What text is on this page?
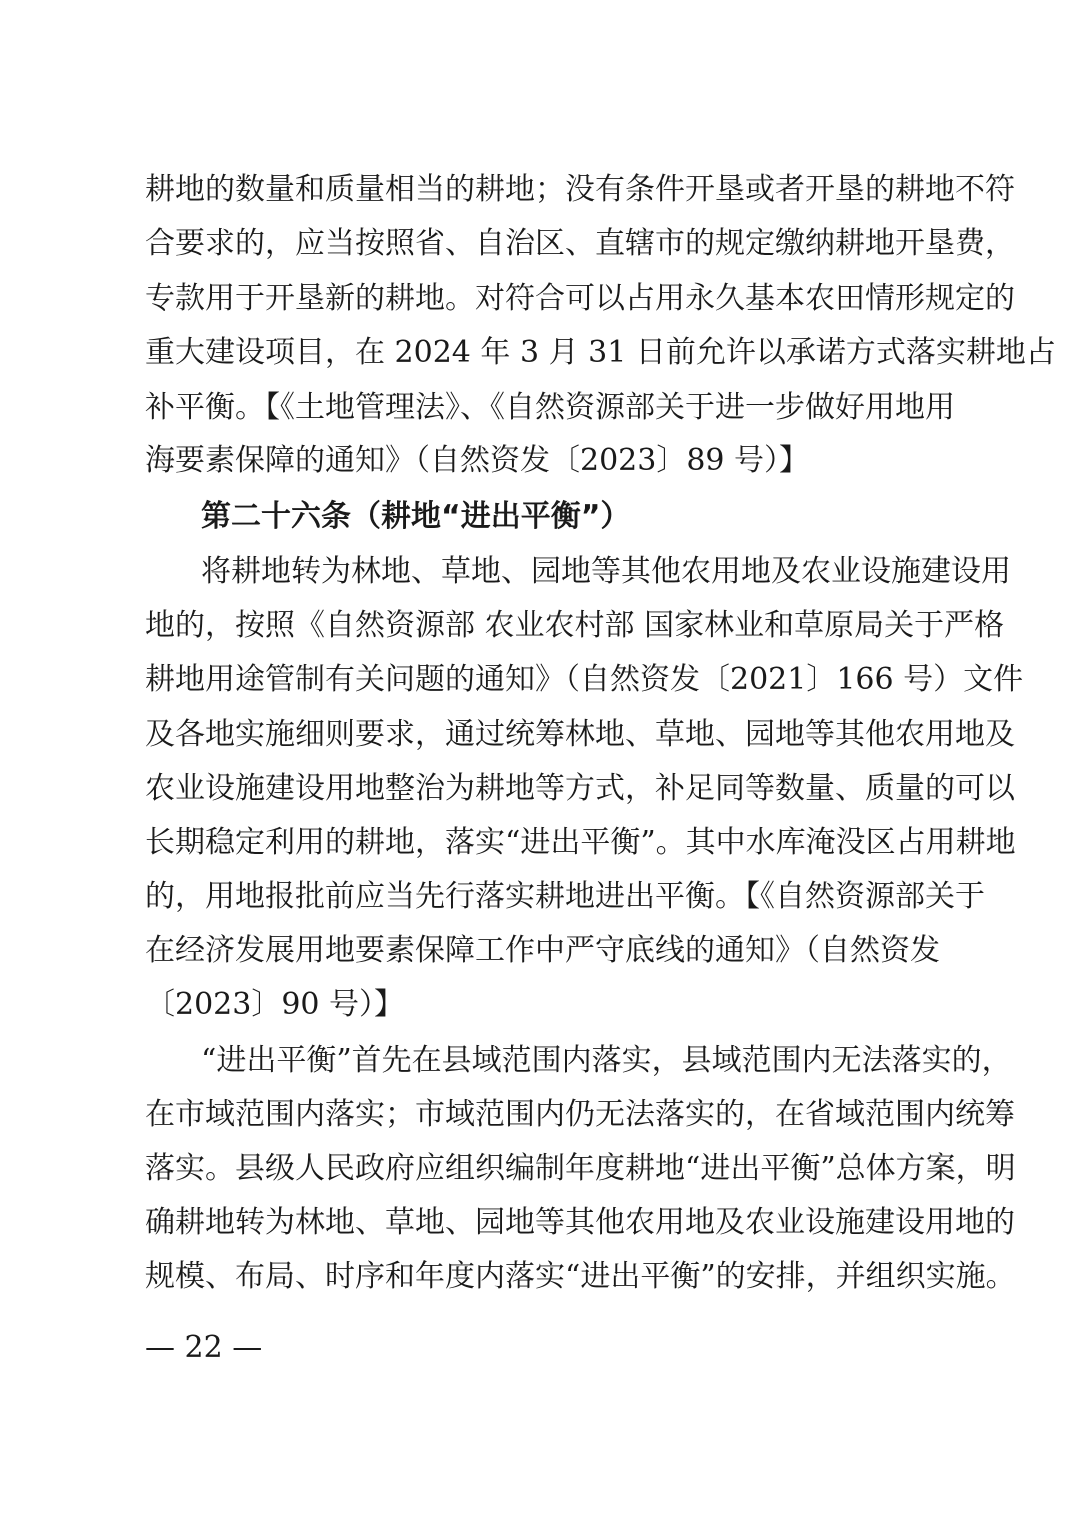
耕地的数量和质量相当的耕地；没有条件开垦或者开垦的耕地不符
合要求的，应当按照省、自治区、直辖市的规定缴纳耕地开垦费，
专款用于开垦新的耕地。对符合可以占用永久基本农田情形规定的
重大建设项目，在 2024 年 3 月 31 日前允许以承诺方式落实耕地占
补平衡。【《土地管理法》、《自然资源部关于进一步做好用地用
海要素保障的通知》（自然资发〔2023〕89 号）】
第二十六条（耕地“进出平衡”）
将耕地转为林地、草地、园地等其他农用地及农业设施建设用
地的，按照《自然资源部 农业农村部 国家林业和草原局关于严格
耕地用途管制有关问题的通知》（自然资发〔2021〕166 号）文件
及各地实施细则要求，通过统筹林地、草地、园地等其他农用地及
农业设施建设用地整治为耕地等方式，补足同等数量、质量的可以
长期稳定利用的耕地，落实“进出平衡”。其中水库淹没区占用耕地
的，用地报批前应当先行落实耕地进出平衡。【《自然资源部关于
在经济发展用地要素保障工作中严守底线的通知》（自然资发
〔2023〕90 号）】
“进出平衡”首先在县域范围内落实，县域范围内无法落实的，
在市域范围内落实；市域范围内仍无法落实的，在省域范围内统筹
落实。县级人民政府应组织编制年度耕地“进出平衡”总体方案，明
确耕地转为林地、草地、园地等其他农用地及农业设施建设用地的
规模、布局、时序和年度内落实“进出平衡”的安排，并组织实施。
— 22 —
